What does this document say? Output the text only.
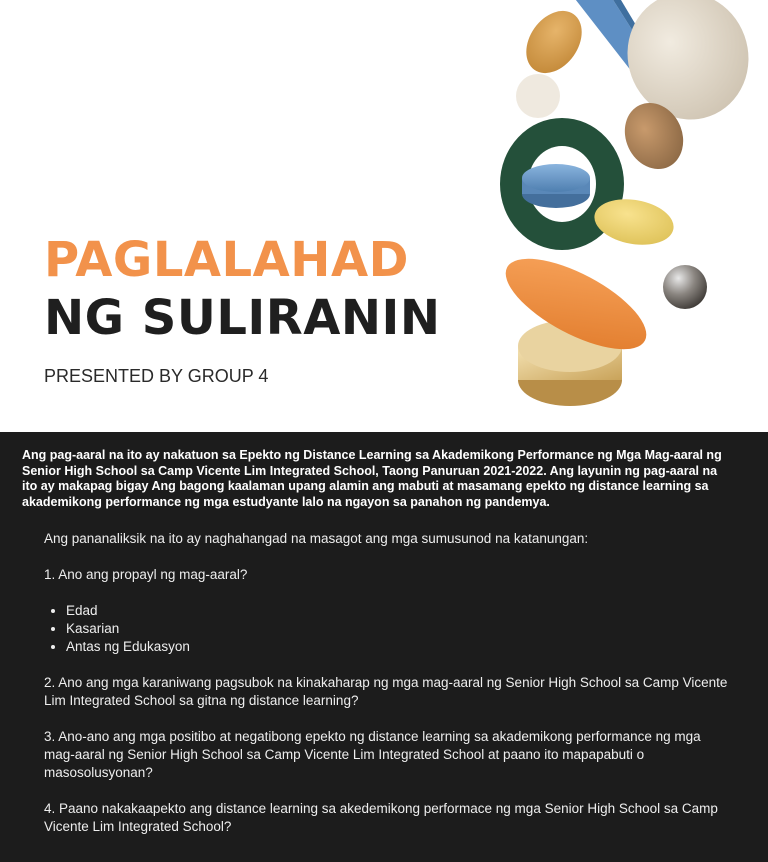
PAGLALAHAD
NG SULIRANIN
PRESENTED BY GROUP 4
Ang pag-aaral na ito ay nakatuon sa Epekto ng Distance Learning sa Akademikong Performance ng Mga Mag-aaral ng Senior High School sa Camp Vicente Lim Integrated School, Taong Panuruan 2021-2022. Ang layunin ng pag-aaral na ito ay makapag bigay Ang bagong kaalaman upang alamin ang mabuti at masamang epekto ng distance learning sa akademikong performance ng mga estudyante lalo na ngayon sa panahon ng pandemya.

Ang pananaliksik na ito ay naghahangad na masagot ang mga sumusunod na katanungan:

1. Ano ang propayl ng mag-aaral?

• Edad
• Kasarian
• Antas ng Edukasyon

2. Ano ang mga karaniwang pagsubok na kinakaharap ng mga mag-aaral ng Senior High School sa Camp Vicente Lim Integrated School sa gitna ng distance learning?

3. Ano-ano ang mga positibo at negatibong epekto ng distance learning sa akademikong performance ng mga mag-aaral ng Senior High School sa Camp Vicente Lim Integrated School at paano ito mapapabuti o masosolusyonan?

4. Paano nakakaapekto ang distance learning sa akedemikong performace ng mga Senior High School sa Camp Vicente Lim Integrated School?
